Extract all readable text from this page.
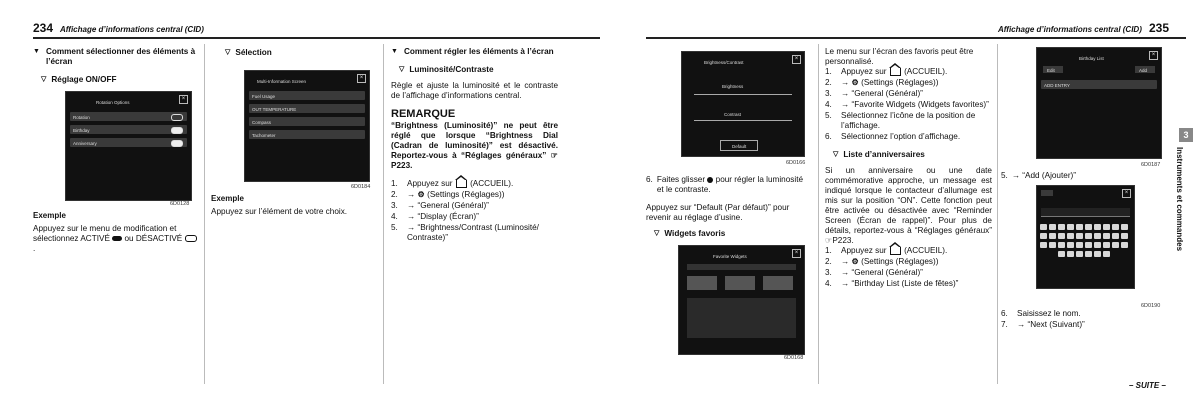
234 Affichage d’informations central (CID)
▼ Comment sélectionner des éléments à l’écran
▽ Réglage ON/OFF
Rotation Options
×
Rotation
Birthday
Anniversary
6D0128
Exemple
Appuyez sur le menu de modification et sélectionnez ACTIVÉ ou DÉSACTIVÉ .
▽ Sélection
Multi-Information Screen
×
Fuel Usage
OUT TEMPERATURE
Compass
Tachometer
6D0184
Exemple
Appuyez sur l’élément de votre choix.
▼ Comment régler les éléments à l’écran
▽ Luminosité/Contraste
Règle et ajuste la luminosité et le contraste de l’affichage d’informations central.
REMARQUE
“Brightness (Luminosité)” ne peut être réglé que lorsque “Brightness Dial (Cadran de luminosité)” est désactivé. Reportez-vous à “Réglages généraux” ☞P223.
1.	Appuyez sur (ACCUEIL).
2.	→ ⚙ (Settings (Réglages))
3.	→ “General (Général)”
4.	→ “Display (Écran)”
5.	→ “Brightness/Contrast (Luminosité/ Contraste)”
Affichage d’informations central (CID) 235
Brightness/Contrast
×
Brightness
Contrast
Default
6D0166
6. Faites glisser pour régler la luminosité et le contraste.
Appuyez sur “Default (Par défaut)” pour revenir au réglage d’usine.
▽ Widgets favoris
Favorite Widgets
×
6D0168
Le menu sur l’écran des favoris peut être personnalisé.
1.	Appuyez sur (ACCUEIL).
2.	→ ⚙ (Settings (Réglages))
3.	→ “General (Général)”
4.	→ “Favorite Widgets (Widgets favorites)”
5.	Sélectionnez l’icône de la position de l’affichage.
6.	Sélectionnez l’option d’affichage.
▽ Liste d’anniversaires
Si un anniversaire ou une date commémorative approche, un message est indiqué lorsque le contacteur d’allumage est mis sur la position “ON”. Cette fonction peut être activée ou désactivée avec “Reminder Screen (Écran de rappel)”. Pour plus de détails, reportez-vous à “Réglages généraux” ☞P223.
1.	Appuyez sur (ACCUEIL).
2.	→ ⚙ (Settings (Réglages))
3.	→ “General (Général)”
4.	→ “Birthday List (Liste de fêtes)”
Birthday List
×
Edit	Add
ADD ENTRY
6D0187
5. → “Add (Ajouter)”
×
6D0190
6.	Saisissez le nom.
7.	→ “Next (Suivant)”
– SUITE –
3
Instruments et commandes
